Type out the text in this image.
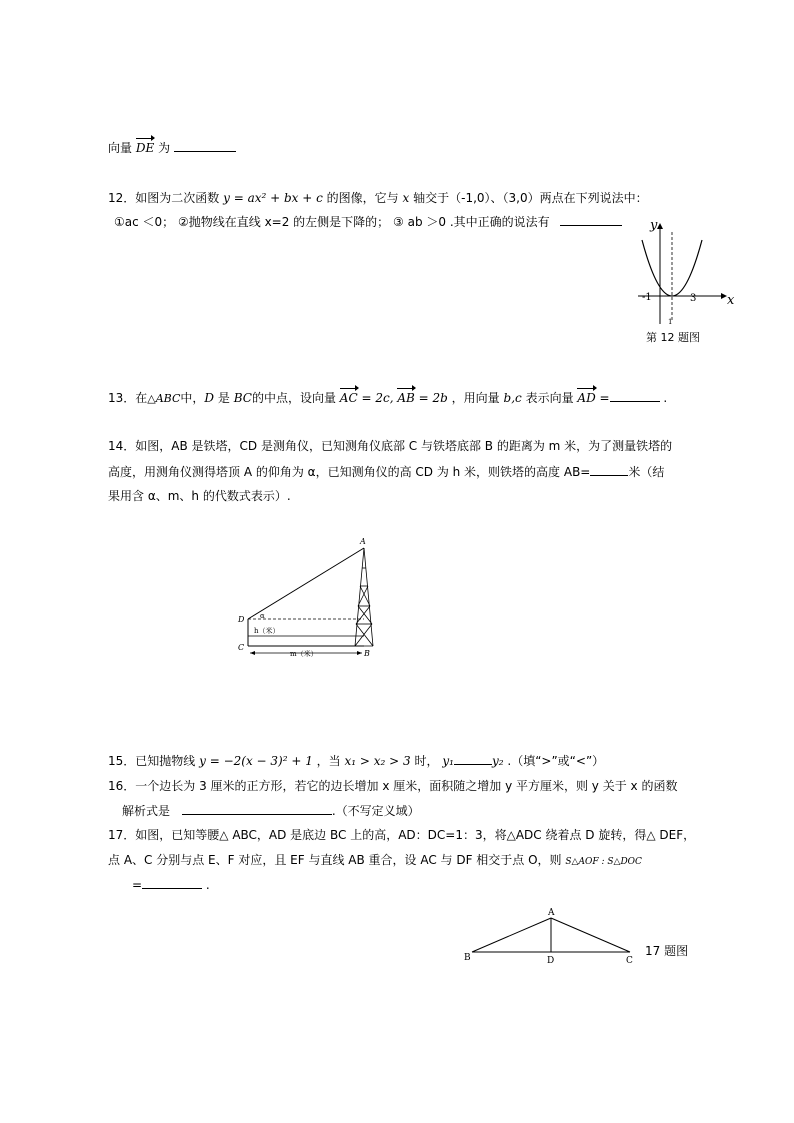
向量 DE 为
12．如图为二次函数 y = ax² + bx + c 的图像，它与 x 轴交于（-1,0）、（3,0）两点在下列说法中：
①ac ＜0； ②抛物线在直线 x=2 的左侧是下降的； ③ ab ＞0 .其中正确的说法有	y
x
-1	3
1
第 12 题图
13．在△ABC中，D 是 BC的中点，设向量 AC = 2c, AB = 2b ，用向量 b,c 表示向量 AD =	.
14．如图，AB 是铁塔，CD 是测角仪，已知测角仪底部 C 与铁塔底部 B 的距离为 m 米，为了测量铁塔的
高度，用测角仪测得塔顶 A 的仰角为 α，已知测角仪的高 CD 为 h 米，则铁塔的高度 AB=	米（结
果用含 α、m、h 的代数式表示）.
A
B
C
D α
h（米）
m（米）
15．已知抛物线 y = −2(x − 3)² + 1 ，当 x₁ > x₂ > 3 时， y₁	y₂ .（填“>”或“<”）
16．一个边长为 3 厘米的正方形，若它的边长增加 x 厘米，面积随之增加 y 平方厘米，则 y 关于 x 的函数
解析式是	.（不写定义域）
17．如图，已知等腰△ ABC，AD 是底边 BC 上的高，AD：DC=1：3，将△ADC 绕着点 D 旋转，得△ DEF，
点 A、C 分别与点 E、F 对应，且 EF 与直线 AB 重合，设 AC 与 DF 相交于点 O，则 S△AOF : S△DOC
=	.
A
B	C
D
17 题图
